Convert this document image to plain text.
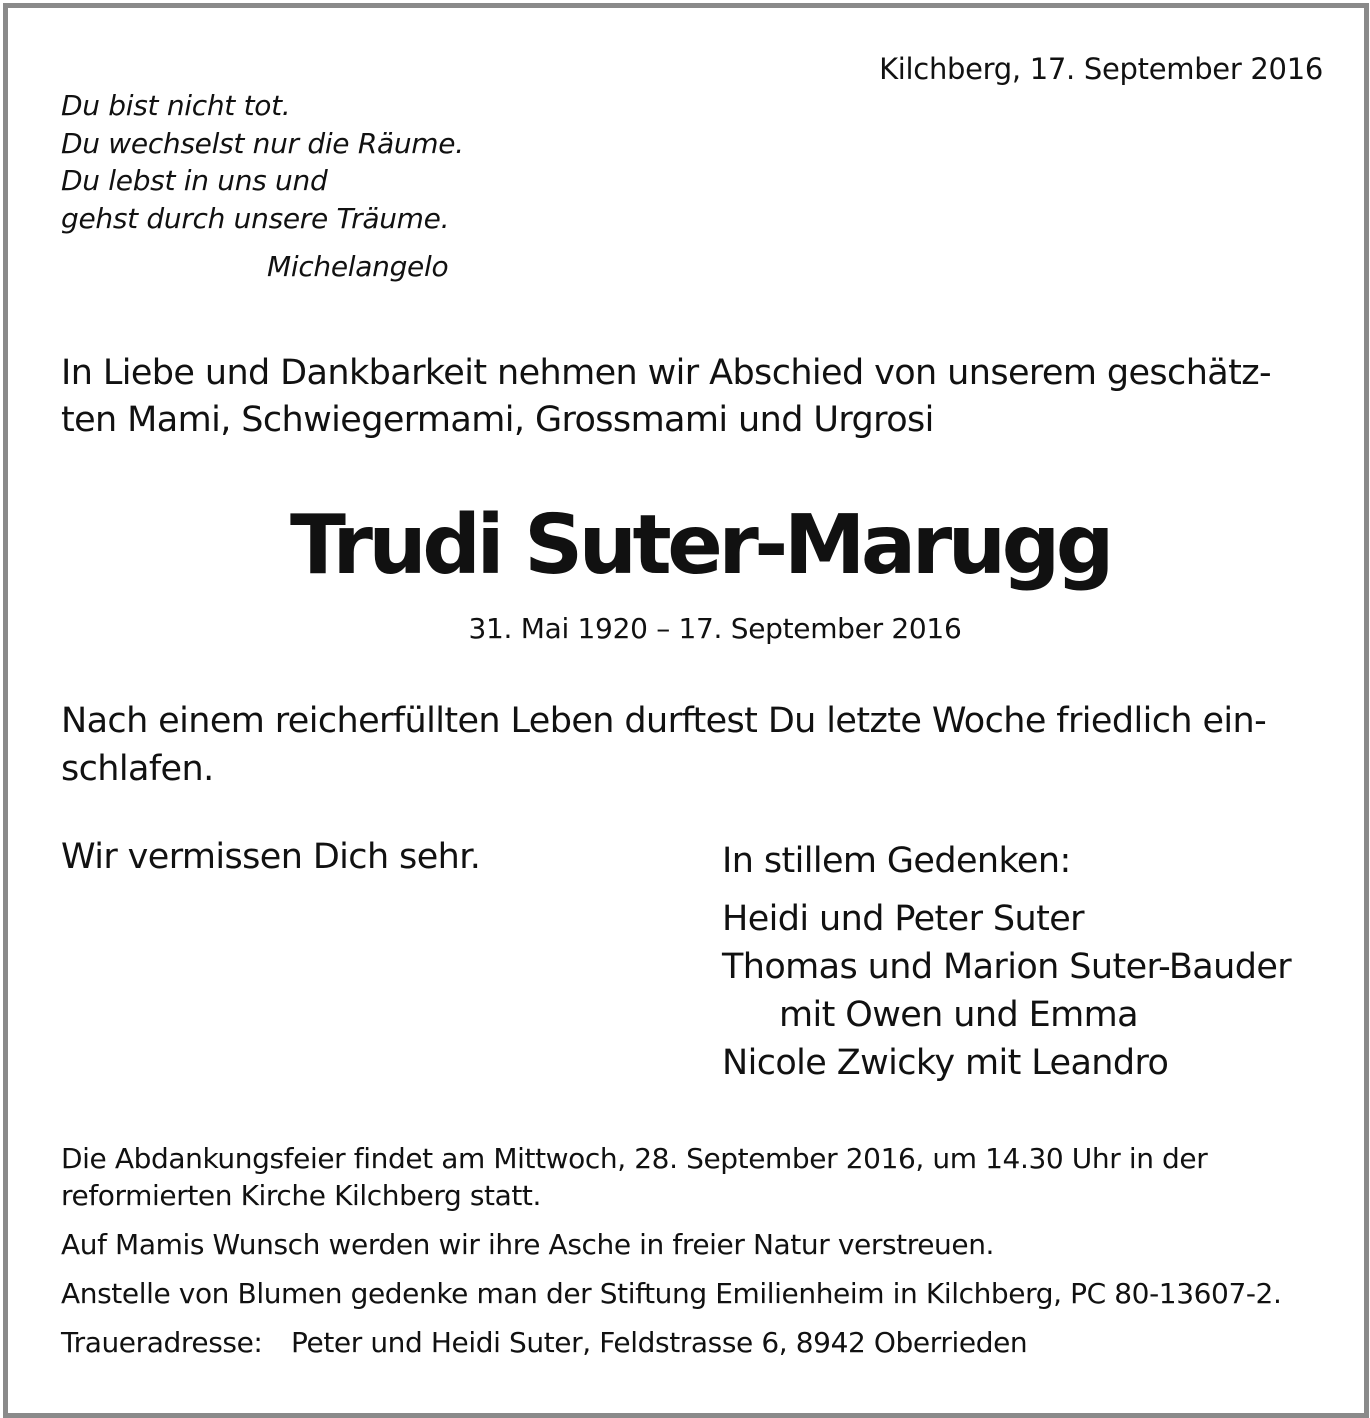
Kilchberg, 17. September 2016
Du bist nicht tot.
Du wechselst nur die Räume.
Du lebst in uns und
gehst durch unsere Träume.
Michelangelo
In Liebe und Dankbarkeit nehmen wir Abschied von unserem geschätz-
ten Mami, Schwiegermami, Grossmami und Urgrosi
Trudi Suter-Marugg
31. Mai 1920 – 17. September 2016
Nach einem reicherfüllten Leben durftest Du letzte Woche friedlich ein-
schlafen.
Wir vermissen Dich sehr.	In stillem Gedenken:
Heidi und Peter Suter
Thomas und Marion Suter-Bauder
mit Owen und Emma
Nicole Zwicky mit Leandro
Die Abdankungsfeier findet am Mittwoch, 28. September 2016, um 14.30 Uhr in der
reformierten Kirche Kilchberg statt.
Auf Mamis Wunsch werden wir ihre Asche in freier Natur verstreuen.
Anstelle von Blumen gedenke man der Stiftung Emilienheim in Kilchberg, PC 80-13607-2.
Traueradresse: Peter und Heidi Suter, Feldstrasse 6, 8942 Oberrieden
